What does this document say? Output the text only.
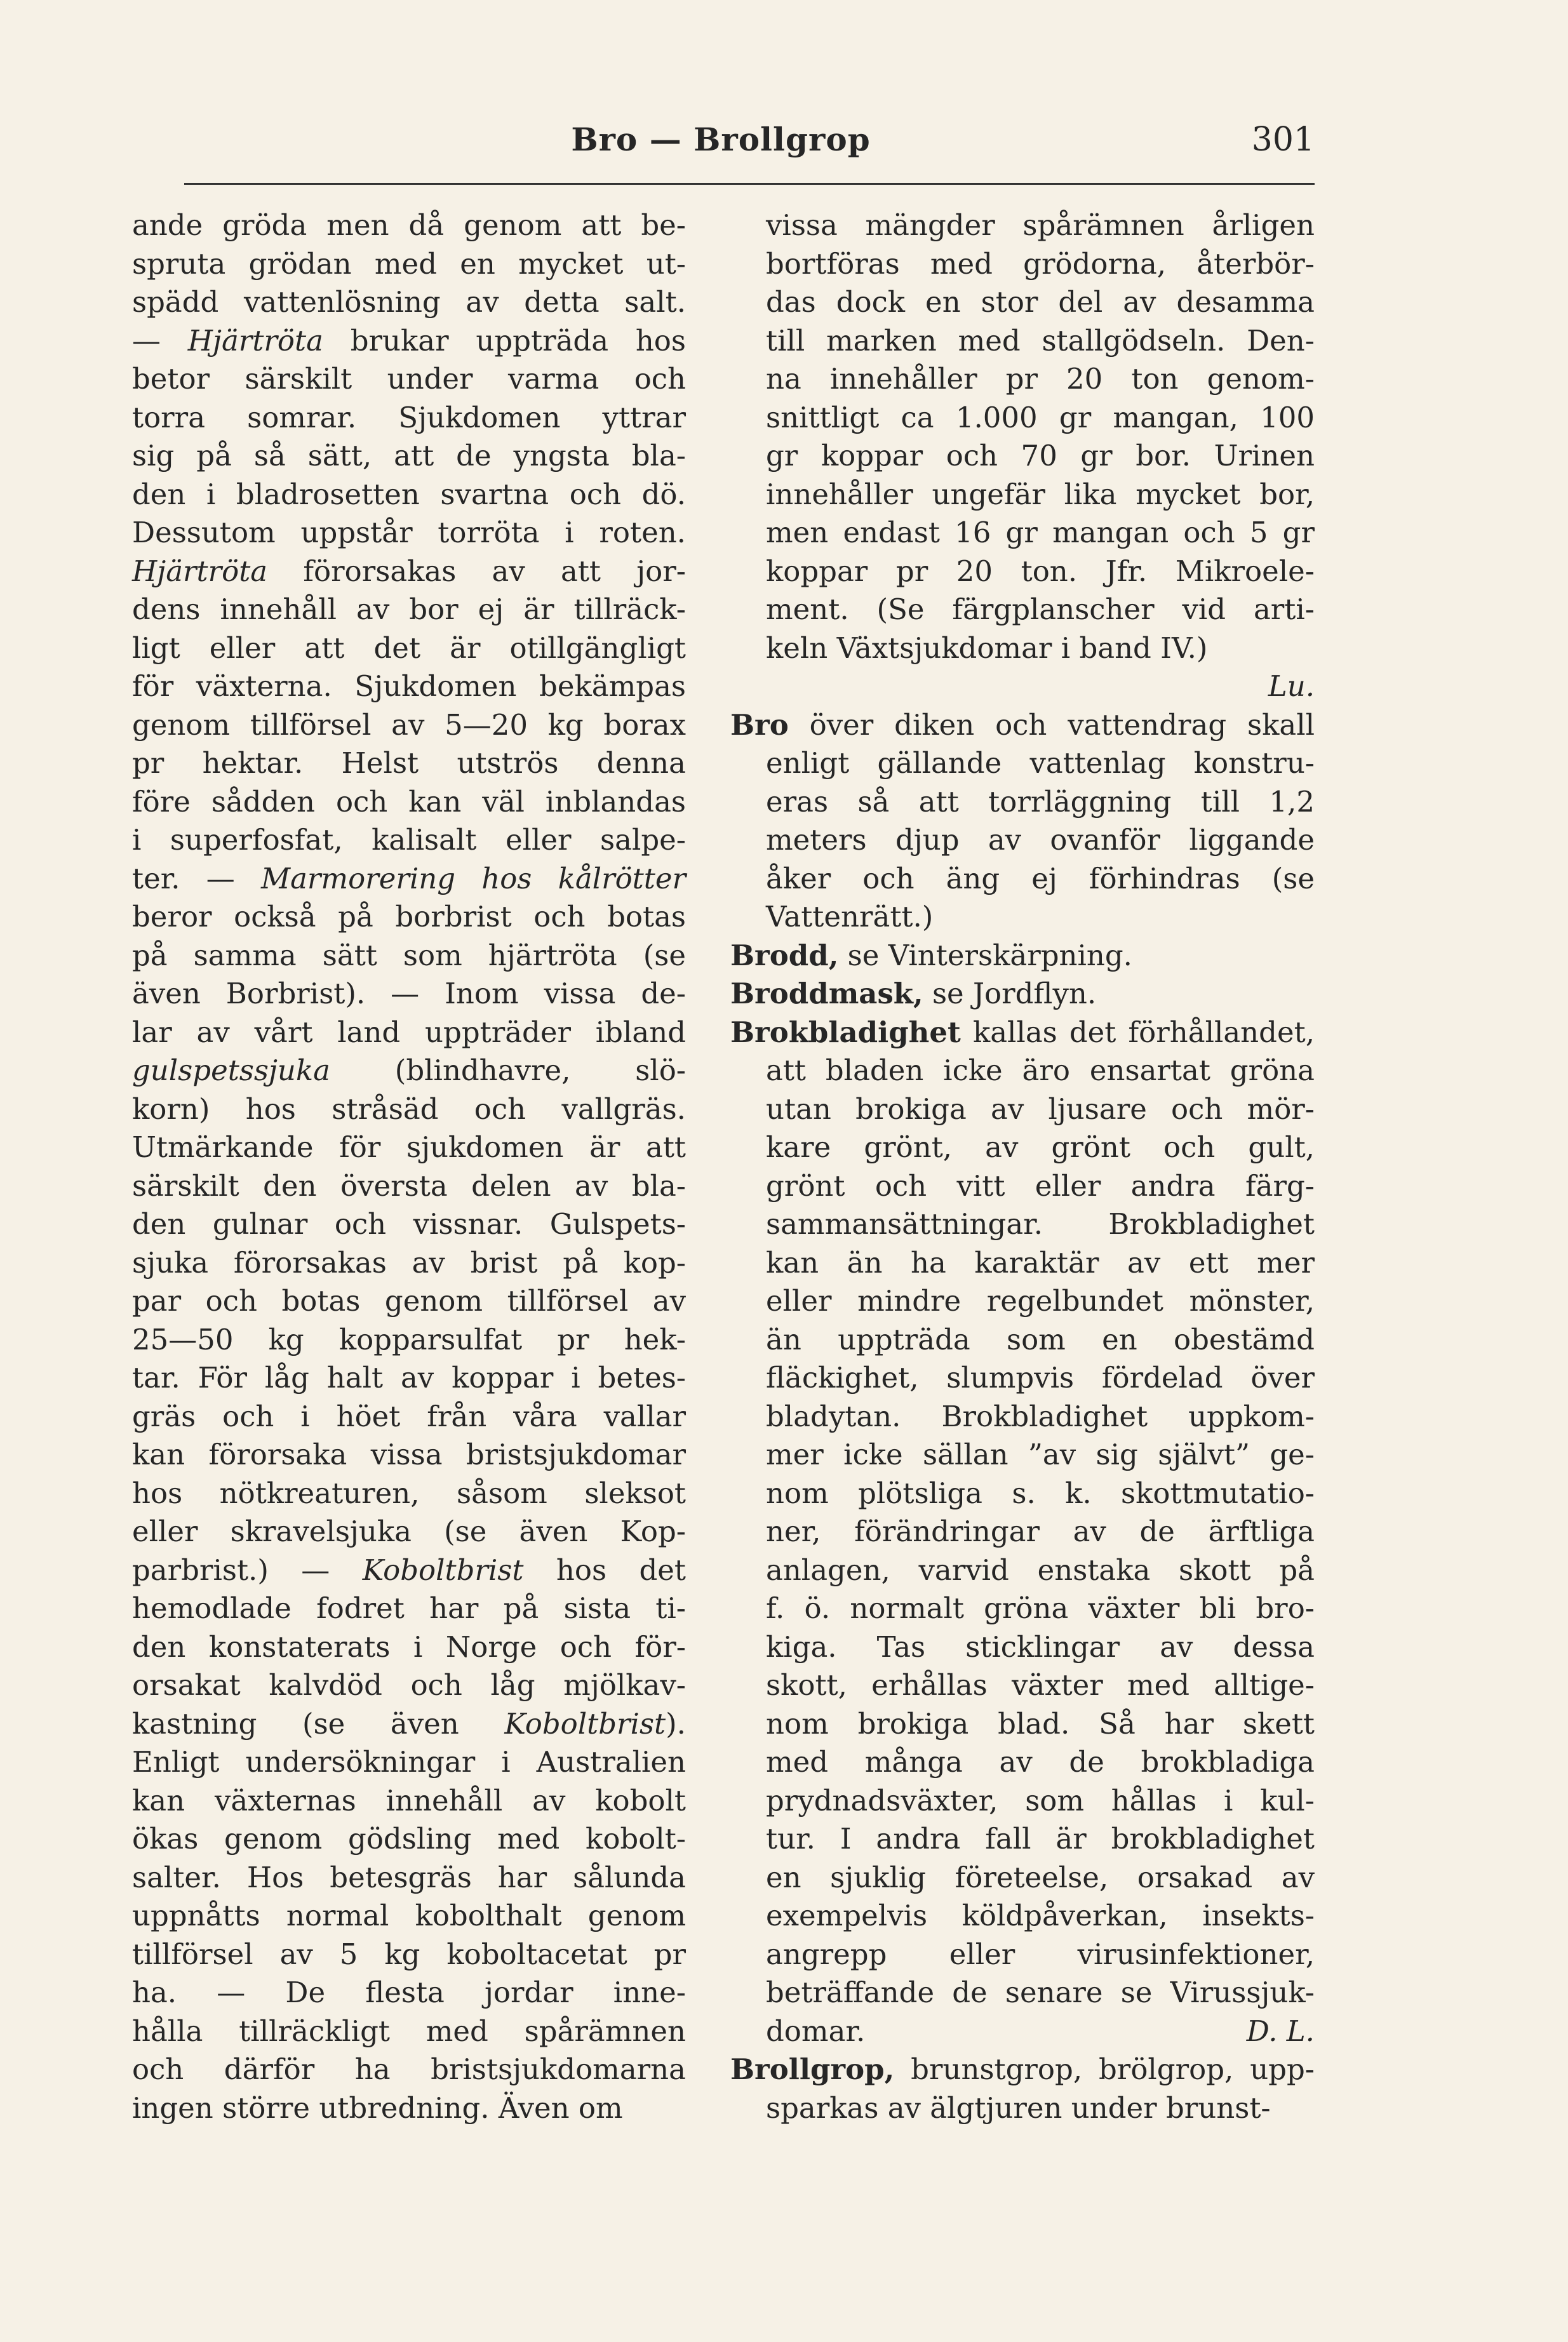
Bro — Brollgrop	301
ande gröda men då genom att be-
spruta grödan med en mycket ut-
spädd vattenlösning av detta salt.
— Hjärtröta brukar uppträda hos
betor särskilt under varma och
torra somrar. Sjukdomen yttrar
sig på så sätt, att de yngsta bla-
den i bladrosetten svartna och dö.
Dessutom uppstår torröta i roten.
Hjärtröta förorsakas av att jor-
dens innehåll av bor ej är tillräck-
ligt eller att det är otillgängligt
för växterna. Sjukdomen bekämpas
genom tillförsel av 5—20 kg borax
pr hektar. Helst utströs denna
före sådden och kan väl inblandas
i superfosfat, kalisalt eller salpe-
ter. — Marmorering hos kålrötter
beror också på borbrist och botas
på samma sätt som hjärtröta (se
även Borbrist). — Inom vissa de-
lar av vårt land uppträder ibland
gulspetssjuka (blindhavre, slö-
korn) hos stråsäd och vallgräs.
Utmärkande för sjukdomen är att
särskilt den översta delen av bla-
den gulnar och vissnar. Gulspets-
sjuka förorsakas av brist på kop-
par och botas genom tillförsel av
25—50 kg kopparsulfat pr hek-
tar. För låg halt av koppar i betes-
gräs och i höet från våra vallar
kan förorsaka vissa bristsjukdomar
hos nötkreaturen, såsom sleksot
eller skravelsjuka (se även Kop-
parbrist.) — Koboltbrist hos det
hemodlade fodret har på sista ti-
den konstaterats i Norge och för-
orsakat kalvdöd och låg mjölkav-
kastning (se även Koboltbrist).
Enligt undersökningar i Australien
kan växternas innehåll av kobolt
ökas genom gödsling med kobolt-
salter. Hos betesgräs har sålunda
uppnåtts normal kobolthalt genom
tillförsel av 5 kg koboltacetat pr
ha. — De flesta jordar inne-
hålla tillräckligt med spårämnen
och därför ha bristsjukdomarna
ingen större utbredning. Även om
vissa mängder spårämnen årligen
bortföras med grödorna, återbör-
das dock en stor del av desamma
till marken med stallgödseln. Den-
na innehåller pr 20 ton genom-
snittligt ca 1.000 gr mangan, 100
gr koppar och 70 gr bor. Urinen
innehåller ungefär lika mycket bor,
men endast 16 gr mangan och 5 gr
koppar pr 20 ton. Jfr. Mikroele-
ment. (Se färgplanscher vid arti-
keln Växtsjukdomar i band IV.)
Lu.
Bro över diken och vattendrag skall
enligt gällande vattenlag konstru-
eras så att torrläggning till 1,2
meters djup av ovanför liggande
åker och äng ej förhindras (se
Vattenrätt.)
Brodd, se Vinterskärpning.
Broddmask, se Jordflyn.
Brokbladighet kallas det förhållandet,
att bladen icke äro ensartat gröna
utan brokiga av ljusare och mör-
kare grönt, av grönt och gult,
grönt och vitt eller andra färg-
sammansättningar. Brokbladighet
kan än ha karaktär av ett mer
eller mindre regelbundet mönster,
än uppträda som en obestämd
fläckighet, slumpvis fördelad över
bladytan. Brokbladighet uppkom-
mer icke sällan ”av sig självt” ge-
nom plötsliga s. k. skottmutatio-
ner, förändringar av de ärftliga
anlagen, varvid enstaka skott på
f. ö. normalt gröna växter bli bro-
kiga. Tas sticklingar av dessa
skott, erhållas växter med alltige-
nom brokiga blad. Så har skett
med många av de brokbladiga
prydnadsväxter, som hållas i kul-
tur. I andra fall är brokbladighet
en sjuklig företeelse, orsakad av
exempelvis köldpåverkan, insekts-
angrepp eller virusinfektioner,
beträffande de senare se Virussjuk-
domar.	D. L.
Brollgrop, brunstgrop, brölgrop, upp-
sparkas av älgtjuren under brunst-
